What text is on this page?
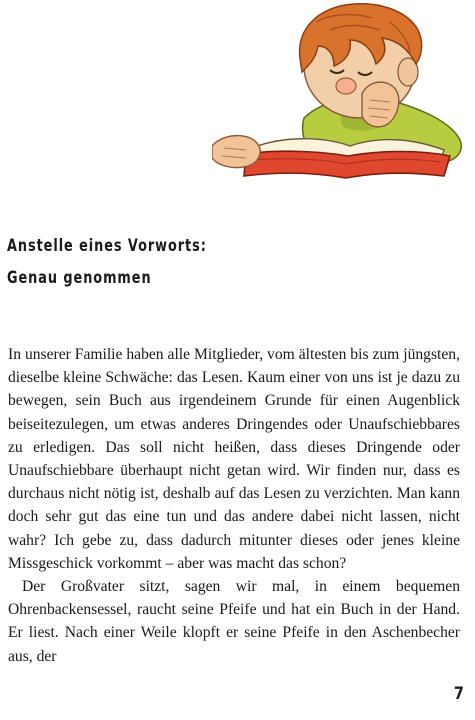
Anstelle eines Vorworts:
Genau genommen

In unserer Familie haben alle Mitglieder, vom ältesten bis zum jüngsten, dieselbe kleine Schwäche: das Lesen. Kaum einer von uns ist je dazu zu bewegen, sein Buch aus irgendeinem Grunde für einen Augenblick beiseitezulegen, um etwas anderes Dringendes oder Unaufschiebbares zu erledigen. Das soll nicht heißen, dass dieses Dringende oder Unaufschiebbare überhaupt nicht getan wird. Wir finden nur, dass es durchaus nicht nötig ist, deshalb auf das Lesen zu verzichten. Man kann doch sehr gut das eine tun und das andere dabei nicht lassen, nicht wahr? Ich gebe zu, dass dadurch mitunter dieses oder jenes kleine Missgeschick vorkommt – aber was macht das schon?

Der Großvater sitzt, sagen wir mal, in einem bequemen Ohrenbackensessel, raucht seine Pfeife und hat ein Buch in der Hand. Er liest. Nach einer Weile klopft er seine Pfeife in den Aschenbecher aus, der

7
